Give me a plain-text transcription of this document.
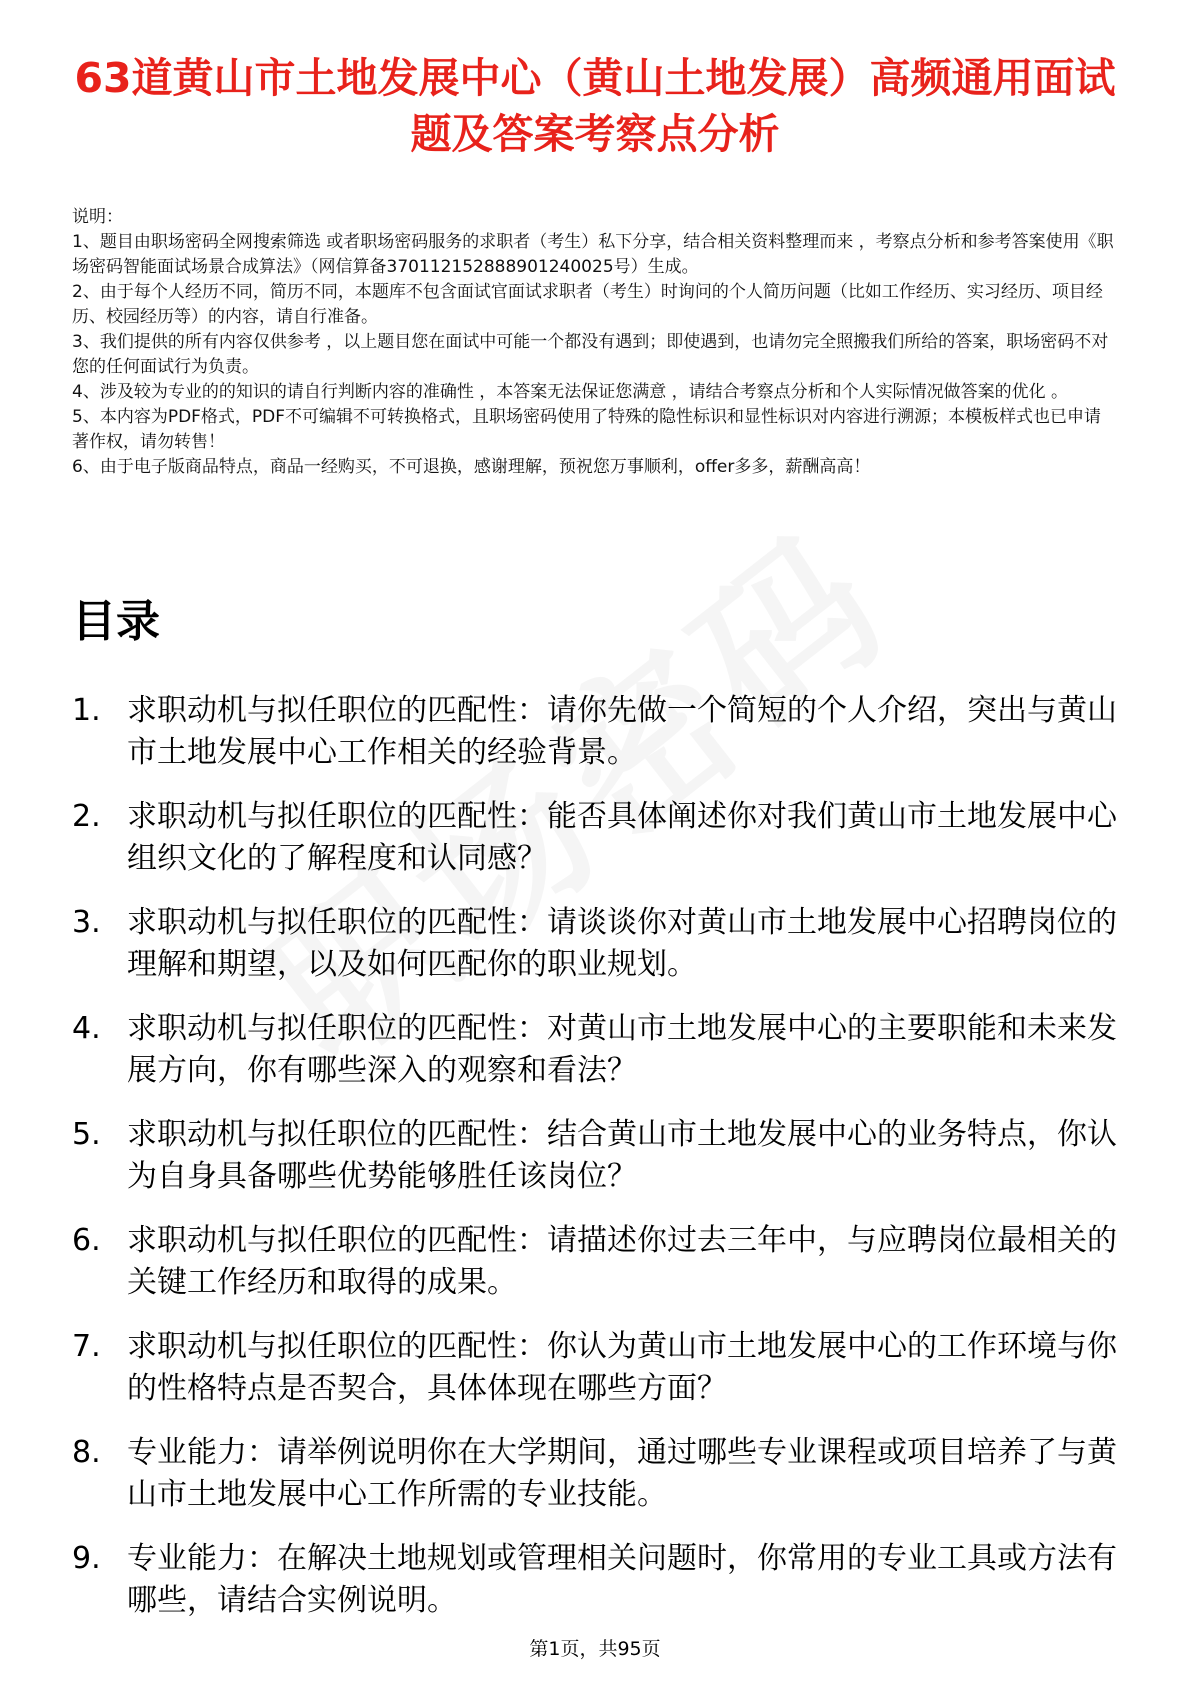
63道黄山市土地发展中心（黄山土地发展）高频通用面试题及答案考察点分析

说明：

1、题目由职场密码全网搜索筛选 或者职场密码服务的求职者（考生）私下分享，结合相关资料整理而来 ，考察点分析和参考答案使用《职场密码智能面试场景合成算法》（网信算备370112152888901240025号）生成。

2、由于每个人经历不同，简历不同，本题库不包含面试官面试求职者（考生）时询问的个人简历问题（比如工作经历、实习经历、项目经历、校园经历等）的内容，请自行准备。

3、我们提供的所有内容仅供参考 ，以上题目您在面试中可能一个都没有遇到；即使遇到，也请勿完全照搬我们所给的答案，职场密码不对您的任何面试行为负责。

4、涉及较为专业的的知识的请自行判断内容的准确性 ，本答案无法保证您满意 ，请结合考察点分析和个人实际情况做答案的优化 。

5、本内容为PDF格式，PDF不可编辑不可转换格式，且职场密码使用了特殊的隐性标识和显性标识对内容进行溯源；本模板样式也已申请著作权，请勿转售！

6、由于电子版商品特点，商品一经购买，不可退换，感谢理解，预祝您万事顺利，offer多多，薪酬高高！

目录
1. 求职动机与拟任职位的匹配性：请你先做一个简短的个人介绍，突出与黄山市土地发展中心工作相关的经验背景。
2. 求职动机与拟任职位的匹配性：能否具体阐述你对我们黄山市土地发展中心组织文化的了解程度和认同感？
3. 求职动机与拟任职位的匹配性：请谈谈你对黄山市土地发展中心招聘岗位的理解和期望，以及如何匹配你的职业规划。
4. 求职动机与拟任职位的匹配性：对黄山市土地发展中心的主要职能和未来发展方向，你有哪些深入的观察和看法？
5. 求职动机与拟任职位的匹配性：结合黄山市土地发展中心的业务特点，你认为自身具备哪些优势能够胜任该岗位？
6. 求职动机与拟任职位的匹配性：请描述你过去三年中，与应聘岗位最相关的关键工作经历和取得的成果。
7. 求职动机与拟任职位的匹配性：你认为黄山市土地发展中心的工作环境与你的性格特点是否契合，具体体现在哪些方面？
8. 专业能力：请举例说明你在大学期间，通过哪些专业课程或项目培养了与黄山市土地发展中心工作所需的专业技能。
9. 专业能力：在解决土地规划或管理相关问题时，你常用的专业工具或方法有哪些，请结合实例说明。
第1页，共95页
